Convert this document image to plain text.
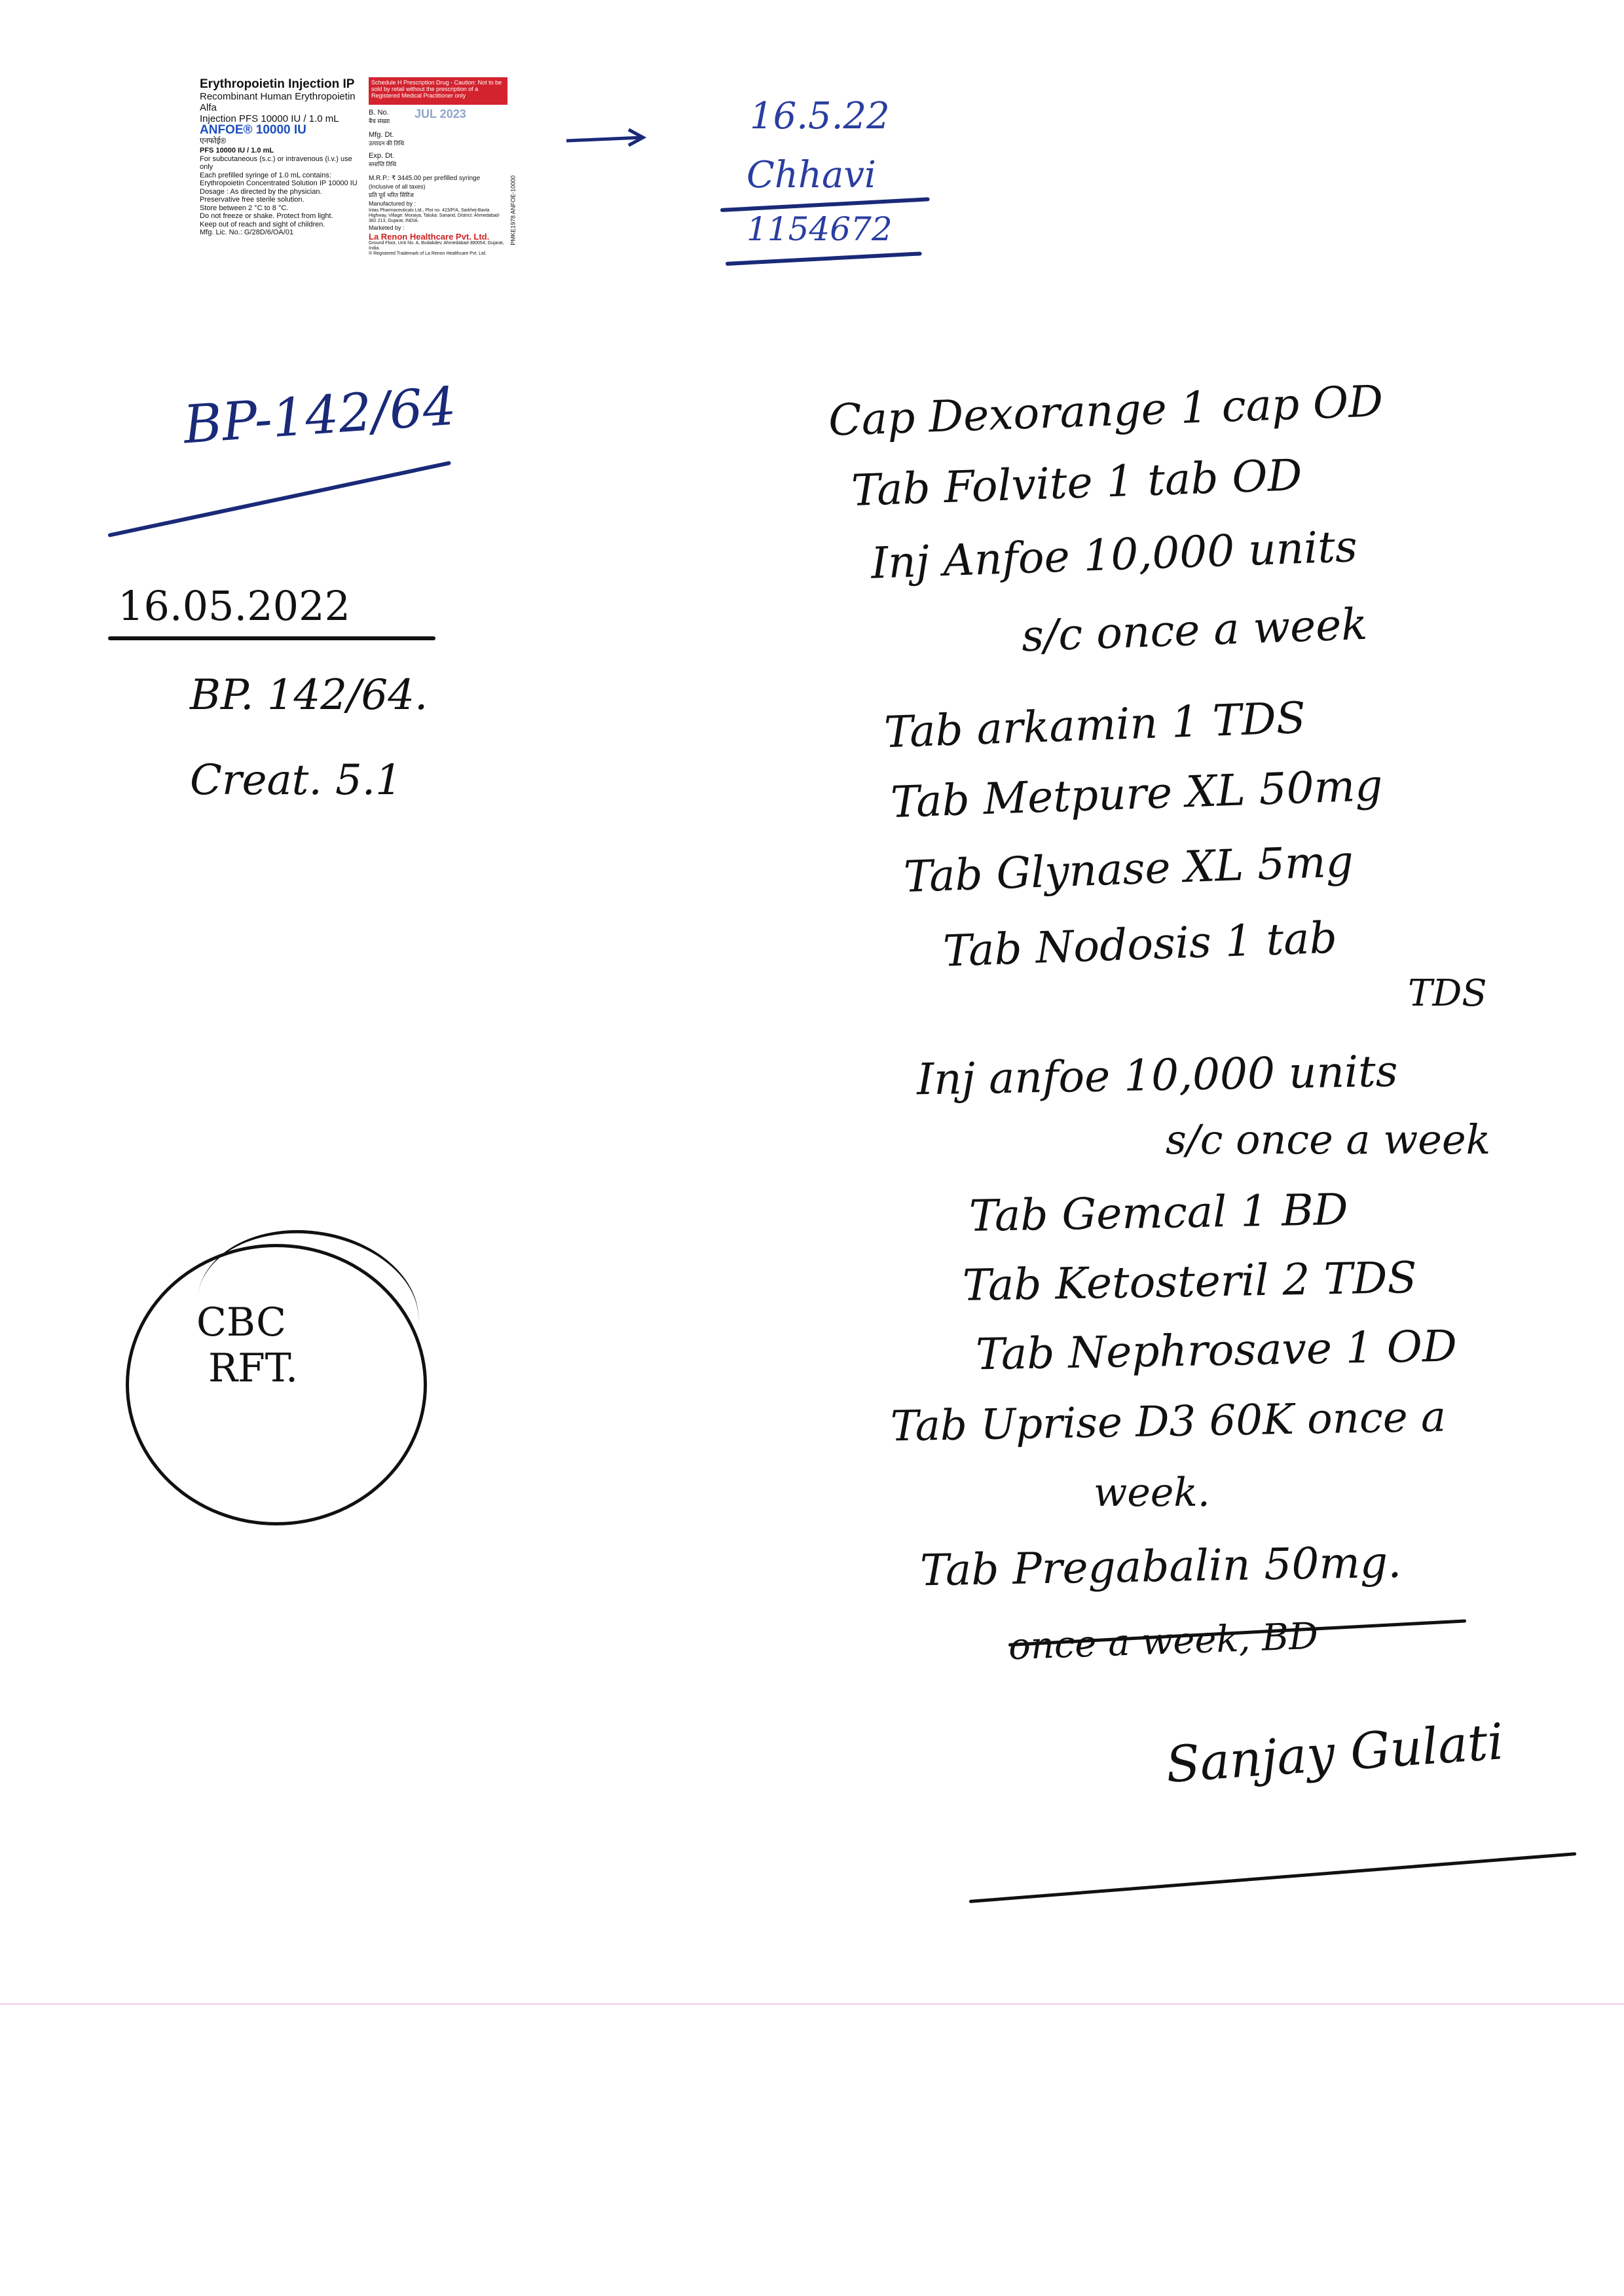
Erythropoietin Injection IP
Recombinant Human Erythropoietin Alfa
Injection PFS 10000 IU / 1.0 mL
ANFOE® 10000 IU
एनफोई®
PFS 10000 IU / 1.0 mL
For subcutaneous (s.c.) or intravenous (i.v.) use only
Each prefilled syringe of 1.0 mL contains:
Erythropoietin Concentrated Solution IP 10000 IU
Dosage : As directed by the physician.
Preservative free sterile solution.
Store between 2 °C to 8 °C.
Do not freeze or shake. Protect from light.
Keep out of reach and sight of children.
Mfg. Lic. No.: G/28D/6/OA/01
Schedule H Prescription Drug - Caution: Not to be sold by retail without the prescription of a Registered Medical Practitioner only
B. No.
बैच संख्या
Mfg. Dt.
उत्पादन की तिथि
Exp. Dt.
समाप्ति तिथि
JUL 2023
M.R.P.: ₹ 3445.00 per prefilled syringe
(Inclusive of all taxes)
प्रति पूर्व भरित सिरिंज
Manufactured by :
Intas Pharmaceuticals Ltd., Plot no. 423/P/A, Sarkhej-Bavla Highway, Village: Moraiya, Taluka: Sanand, District: Ahmedabad-382 213, Gujarat, INDIA.
Marketed by :
La Renon Healthcare Pvt. Ltd.
Ground Floor, Unit No. A, Bodakdev, Ahmedabad-380054, Gujarat, India.
® Registered Trademark of La Renon Healthcare Pvt. Ltd.
PMKE1978 ANFOE-10000
16.5.22
Chhavi
1154672
BP-142/64
16.05.2022
BP. 142/64.
Creat. 5.1
CBC
RFT.
Cap Dexorange 1 cap OD
Tab Folvite 1 tab OD
Inj Anfoe 10,000 units
s/c once a week
Tab arkamin 1 TDS
Tab Metpure XL 50mg
Tab Glynase XL 5mg
Tab Nodosis 1 tab
TDS
Inj anfoe 10,000 units
s/c once a week
Tab Gemcal 1 BD
Tab Ketosteril 2 TDS
Tab Nephrosave 1 OD
Tab Uprise D3 60K once a
week.
Tab Pregabalin 50mg.
once a week, BD
Sanjay Gulati
